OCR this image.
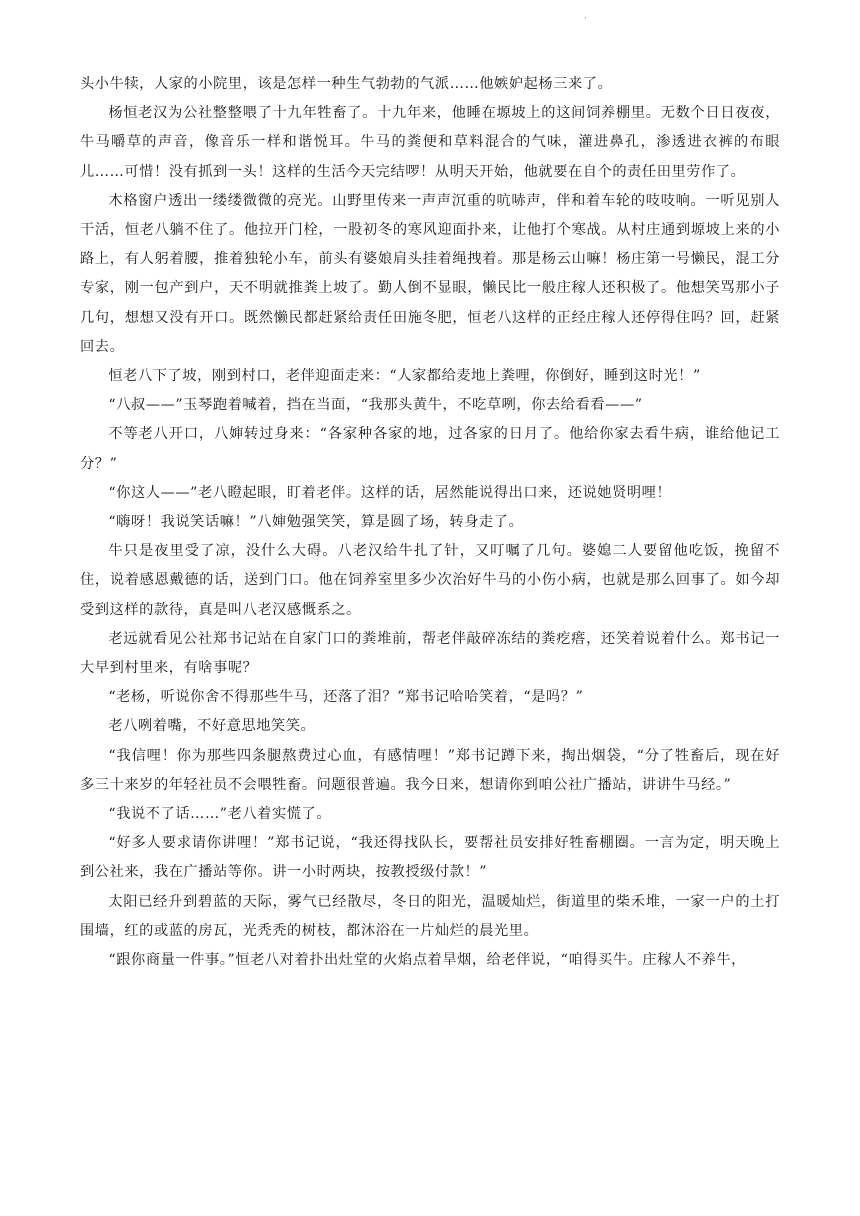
·

头小牛犊，人家的小院里，该是怎样一种生气勃勃的气派……他嫉妒起杨三来了。

杨恒老汉为公社整整喂了十九年牲畜了。十九年来，他睡在塬坡上的这间饲养棚里。无数个日日夜夜，牛马嚼草的声音，像音乐一样和谐悦耳。牛马的粪便和草料混合的气味，灌进鼻孔，渗透进衣裤的布眼儿……可惜！没有抓到一头！这样的生活今天完结啰！从明天开始，他就要在自个的责任田里劳作了。

木格窗户透出一缕缕微微的亮光。山野里传来一声声沉重的吭哧声，伴和着车轮的吱吱响。一听见别人干活，恒老八躺不住了。他拉开门栓，一股初冬的寒风迎面扑来，让他打个寒战。从村庄通到塬坡上来的小路上，有人躬着腰，推着独轮小车，前头有婆娘肩头挂着绳拽着。那是杨云山嘛！杨庄第一号懒民，混工分专家，刚一包产到户，天不明就推粪上坡了。勤人倒不显眼，懒民比一般庄稼人还积极了。他想笑骂那小子几句，想想又没有开口。既然懒民都赶紧给责任田施冬肥，恒老八这样的正经庄稼人还停得住吗？回，赶紧回去。

恒老八下了坡，刚到村口，老伴迎面走来：“人家都给麦地上粪哩，你倒好，睡到这时光！”

“八叔——”玉琴跑着喊着，挡在当面，“我那头黄牛，不吃草咧，你去给看看——”

不等老八开口，八婶转过身来：“各家种各家的地，过各家的日月了。他给你家去看牛病，谁给他记工分？”

“你这人——”老八瞪起眼，盯着老伴。这样的话，居然能说得出口来，还说她贤明哩！

“嗨呀！我说笑话嘛！”八婶勉强笑笑，算是圆了场，转身走了。

牛只是夜里受了凉，没什么大碍。八老汉给牛扎了针，又叮嘱了几句。婆媳二人要留他吃饭，挽留不住，说着感恩戴德的话，送到门口。他在饲养室里多少次治好牛马的小伤小病，也就是那么回事了。如今却受到这样的款待，真是叫八老汉感慨系之。

老远就看见公社郑书记站在自家门口的粪堆前，帮老伴敲碎冻结的粪疙瘩，还笑着说着什么。郑书记一大早到村里来，有啥事呢？

“老杨，听说你舍不得那些牛马，还落了泪？”郑书记哈哈笑着，“是吗？”

老八咧着嘴，不好意思地笑笑。

“我信哩！你为那些四条腿熬费过心血，有感情哩！”郑书记蹲下来，掏出烟袋，“分了牲畜后，现在好多三十来岁的年轻社员不会喂牲畜。问题很普遍。我今日来，想请你到咱公社广播站，讲讲牛马经。”

“我说不了话……”老八着实慌了。

“好多人要求请你讲哩！”郑书记说，“我还得找队长，要帮社员安排好牲畜棚圈。一言为定，明天晚上到公社来，我在广播站等你。讲一小时两块，按教授级付款！”

太阳已经升到碧蓝的天际，雾气已经散尽，冬日的阳光，温暖灿烂，街道里的柴禾堆，一家一户的土打围墙，红的或蓝的房瓦，光秃秃的树枝，都沐浴在一片灿烂的晨光里。

“跟你商量一件事。”恒老八对着扑出灶堂的火焰点着旱烟，给老伴说，“咱得买牛。庄稼人不养牛，
